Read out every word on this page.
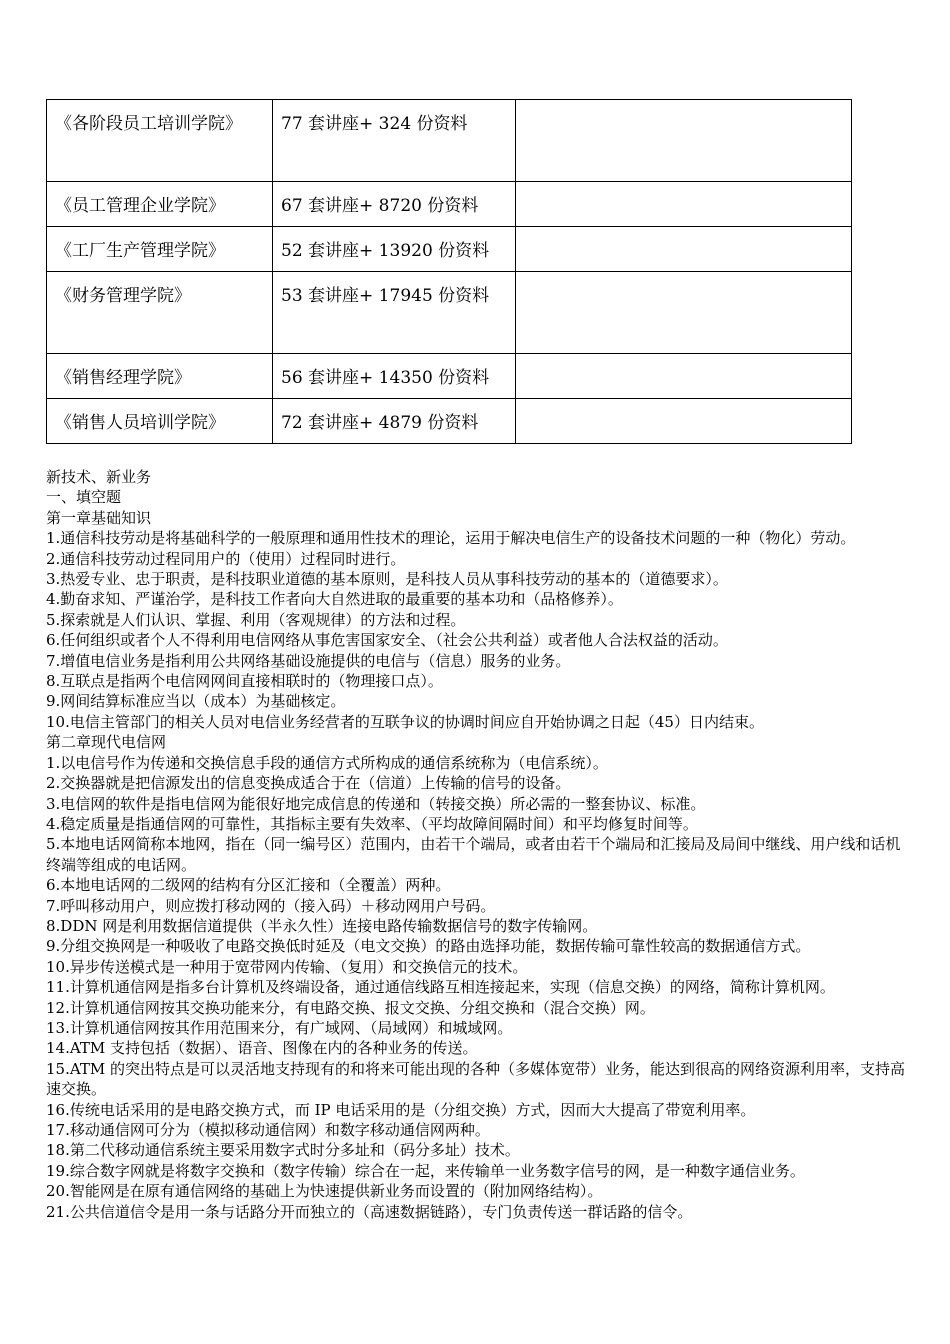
《各阶段员工培训学院》	77 套讲座+ 324 份资料	
《员工管理企业学院》	67 套讲座+ 8720 份资料	
《工厂生产管理学院》	52 套讲座+ 13920 份资料	
《财务管理学院》	53 套讲座+ 17945 份资料	
《销售经理学院》	56 套讲座+ 14350 份资料	
《销售人员培训学院》	72 套讲座+ 4879 份资料	

新技术、新业务

一、填空题

第一章基础知识

1.通信科技劳动是将基础科学的一般原理和通用性技术的理论，运用于解决电信生产的设备技术问题的一种（物化）劳动。

2.通信科技劳动过程同用户的（使用）过程同时进行。

3.热爱专业、忠于职责，是科技职业道德的基本原则，是科技人员从事科技劳动的基本的（道德要求）。

4.勤奋求知、严谨治学，是科技工作者向大自然进取的最重要的基本功和（品格修养）。

5.探索就是人们认识、掌握、利用（客观规律）的方法和过程。

6.任何组织或者个人不得利用电信网络从事危害国家安全、（社会公共利益）或者他人合法权益的活动。

7.增值电信业务是指利用公共网络基础设施提供的电信与（信息）服务的业务。

8.互联点是指两个电信网网间直接相联时的（物理接口点）。

9.网间结算标准应当以（成本）为基础核定。

10.电信主管部门的相关人员对电信业务经营者的互联争议的协调时间应自开始协调之日起（45）日内结束。

第二章现代电信网

1.以电信号作为传递和交换信息手段的通信方式所构成的通信系统称为（电信系统）。

2.交换器就是把信源发出的信息变换成适合于在（信道）上传输的信号的设备。

3.电信网的软件是指电信网为能很好地完成信息的传递和（转接交换）所必需的一整套协议、标准。

4.稳定质量是指通信网的可靠性，其指标主要有失效率、（平均故障间隔时间）和平均修复时间等。

5.本地电话网简称本地网，指在（同一编号区）范围内，由若干个端局，或者由若干个端局和汇接局及局间中继线、用户线和话机终端等组成的电话网。

6.本地电话网的二级网的结构有分区汇接和（全覆盖）两种。

7.呼叫移动用户，则应拨打移动网的（接入码）＋移动网用户号码。

8.DDN 网是利用数据信道提供（半永久性）连接电路传输数据信号的数字传输网。

9.分组交换网是一种吸收了电路交换低时延及（电文交换）的路由选择功能，数据传输可靠性较高的数据通信方式。

10.异步传送模式是一种用于宽带网内传输、（复用）和交换信元的技术。

11.计算机通信网是指多台计算机及终端设备，通过通信线路互相连接起来，实现（信息交换）的网络，简称计算机网。

12.计算机通信网按其交换功能来分，有电路交换、报文交换、分组交换和（混合交换）网。

13.计算机通信网按其作用范围来分，有广域网、（局域网）和城域网。

14.ATM 支持包括（数据）、语音、图像在内的各种业务的传送。

15.ATM 的突出特点是可以灵活地支持现有的和将来可能出现的各种（多媒体宽带）业务，能达到很高的网络资源利用率，支持高速交换。

16.传统电话采用的是电路交换方式，而 IP 电话采用的是（分组交换）方式，因而大大提高了带宽利用率。

17.移动通信网可分为（模拟移动通信网）和数字移动通信网两种。

18.第二代移动通信系统主要采用数字式时分多址和（码分多址）技术。

19.综合数字网就是将数字交换和（数字传输）综合在一起，来传输单一业务数字信号的网，是一种数字通信业务。

20.智能网是在原有通信网络的基础上为快速提供新业务而设置的（附加网络结构）。

21.公共信道信令是用一条与话路分开而独立的（高速数据链路），专门负责传送一群话路的信令。
